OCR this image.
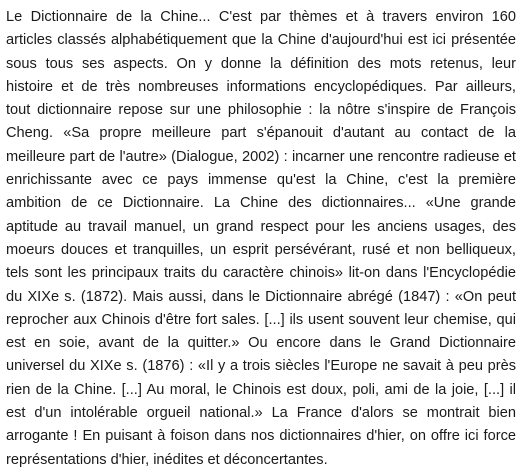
Le Dictionnaire de la Chine... C'est par thèmes et à travers environ 160
articles classés alphabétiquement que la Chine d'aujourd'hui est ici présentée
sous tous ses aspects. On y donne la définition des mots retenus, leur
histoire et de très nombreuses informations encyclopédiques. Par ailleurs,
tout dictionnaire repose sur une philosophie : la nôtre s'inspire de François
Cheng. «Sa propre meilleure part s'épanouit d'autant au contact de la
meilleure part de l'autre» (Dialogue, 2002) : incarner une rencontre radieuse et
enrichissante avec ce pays immense qu'est la Chine, c'est la première
ambition de ce Dictionnaire. La Chine des dictionnaires... «Une grande
aptitude au travail manuel, un grand respect pour les anciens usages, des
moeurs douces et tranquilles, un esprit persévérant, rusé et non belliqueux,
tels sont les principaux traits du caractère chinois» lit-on dans l'Encyclopédie
du XIXe s. (1872). Mais aussi, dans le Dictionnaire abrégé (1847) : «On peut
reprocher aux Chinois d'être fort sales. [...] ils usent souvent leur chemise, qui
est en soie, avant de la quitter.» Ou encore dans le Grand Dictionnaire
universel du XIXe s. (1876) : «Il y a trois siècles l'Europe ne savait à peu près
rien de la Chine. [...] Au moral, le Chinois est doux, poli, ami de la joie, [...] il
est d'un intolérable orgueil national.» La France d'alors se montrait bien
arrogante ! En puisant à foison dans nos dictionnaires d'hier, on offre ici force
représentations d'hier, inédites et déconcertantes.
